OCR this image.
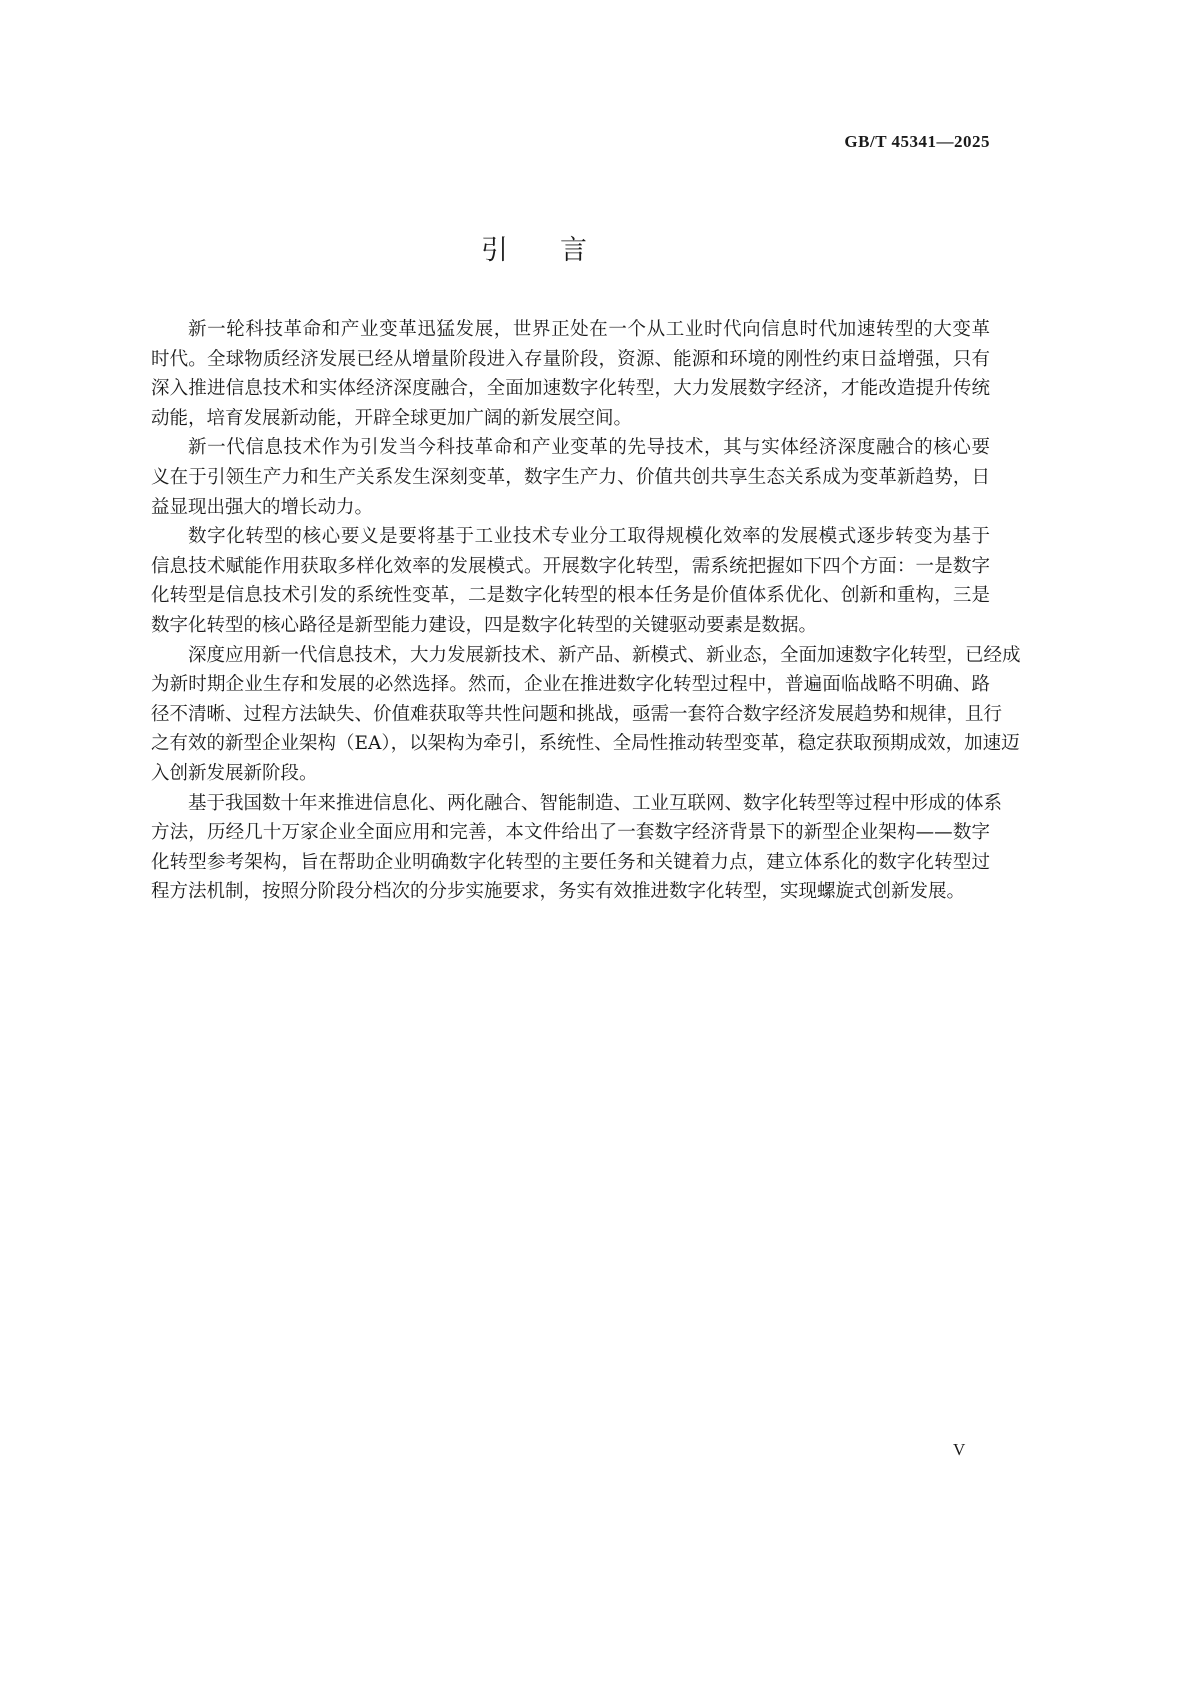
GB/T 45341—2025
引言
新一轮科技革命和产业变革迅猛发展，世界正处在一个从工业时代向信息时代加速转型的大变革
时代。全球物质经济发展已经从增量阶段进入存量阶段，资源、能源和环境的刚性约束日益增强，只有
深入推进信息技术和实体经济深度融合，全面加速数字化转型，大力发展数字经济，才能改造提升传统
动能，培育发展新动能，开辟全球更加广阔的新发展空间。
新一代信息技术作为引发当今科技革命和产业变革的先导技术，其与实体经济深度融合的核心要
义在于引领生产力和生产关系发生深刻变革，数字生产力、价值共创共享生态关系成为变革新趋势，日
益显现出强大的增长动力。
数字化转型的核心要义是要将基于工业技术专业分工取得规模化效率的发展模式逐步转变为基于
信息技术赋能作用获取多样化效率的发展模式。开展数字化转型，需系统把握如下四个方面：一是数字
化转型是信息技术引发的系统性变革，二是数字化转型的根本任务是价值体系优化、创新和重构，三是
数字化转型的核心路径是新型能力建设，四是数字化转型的关键驱动要素是数据。
深度应用新一代信息技术，大力发展新技术、新产品、新模式、新业态，全面加速数字化转型，已经成
为新时期企业生存和发展的必然选择。然而，企业在推进数字化转型过程中，普遍面临战略不明确、路
径不清晰、过程方法缺失、价值难获取等共性问题和挑战，亟需一套符合数字经济发展趋势和规律，且行
之有效的新型企业架构（EA），以架构为牵引，系统性、全局性推动转型变革，稳定获取预期成效，加速迈
入创新发展新阶段。
基于我国数十年来推进信息化、两化融合、智能制造、工业互联网、数字化转型等过程中形成的体系
方法，历经几十万家企业全面应用和完善，本文件给出了一套数字经济背景下的新型企业架构——数字
化转型参考架构，旨在帮助企业明确数字化转型的主要任务和关键着力点，建立体系化的数字化转型过
程方法机制，按照分阶段分档次的分步实施要求，务实有效推进数字化转型，实现螺旋式创新发展。
V
